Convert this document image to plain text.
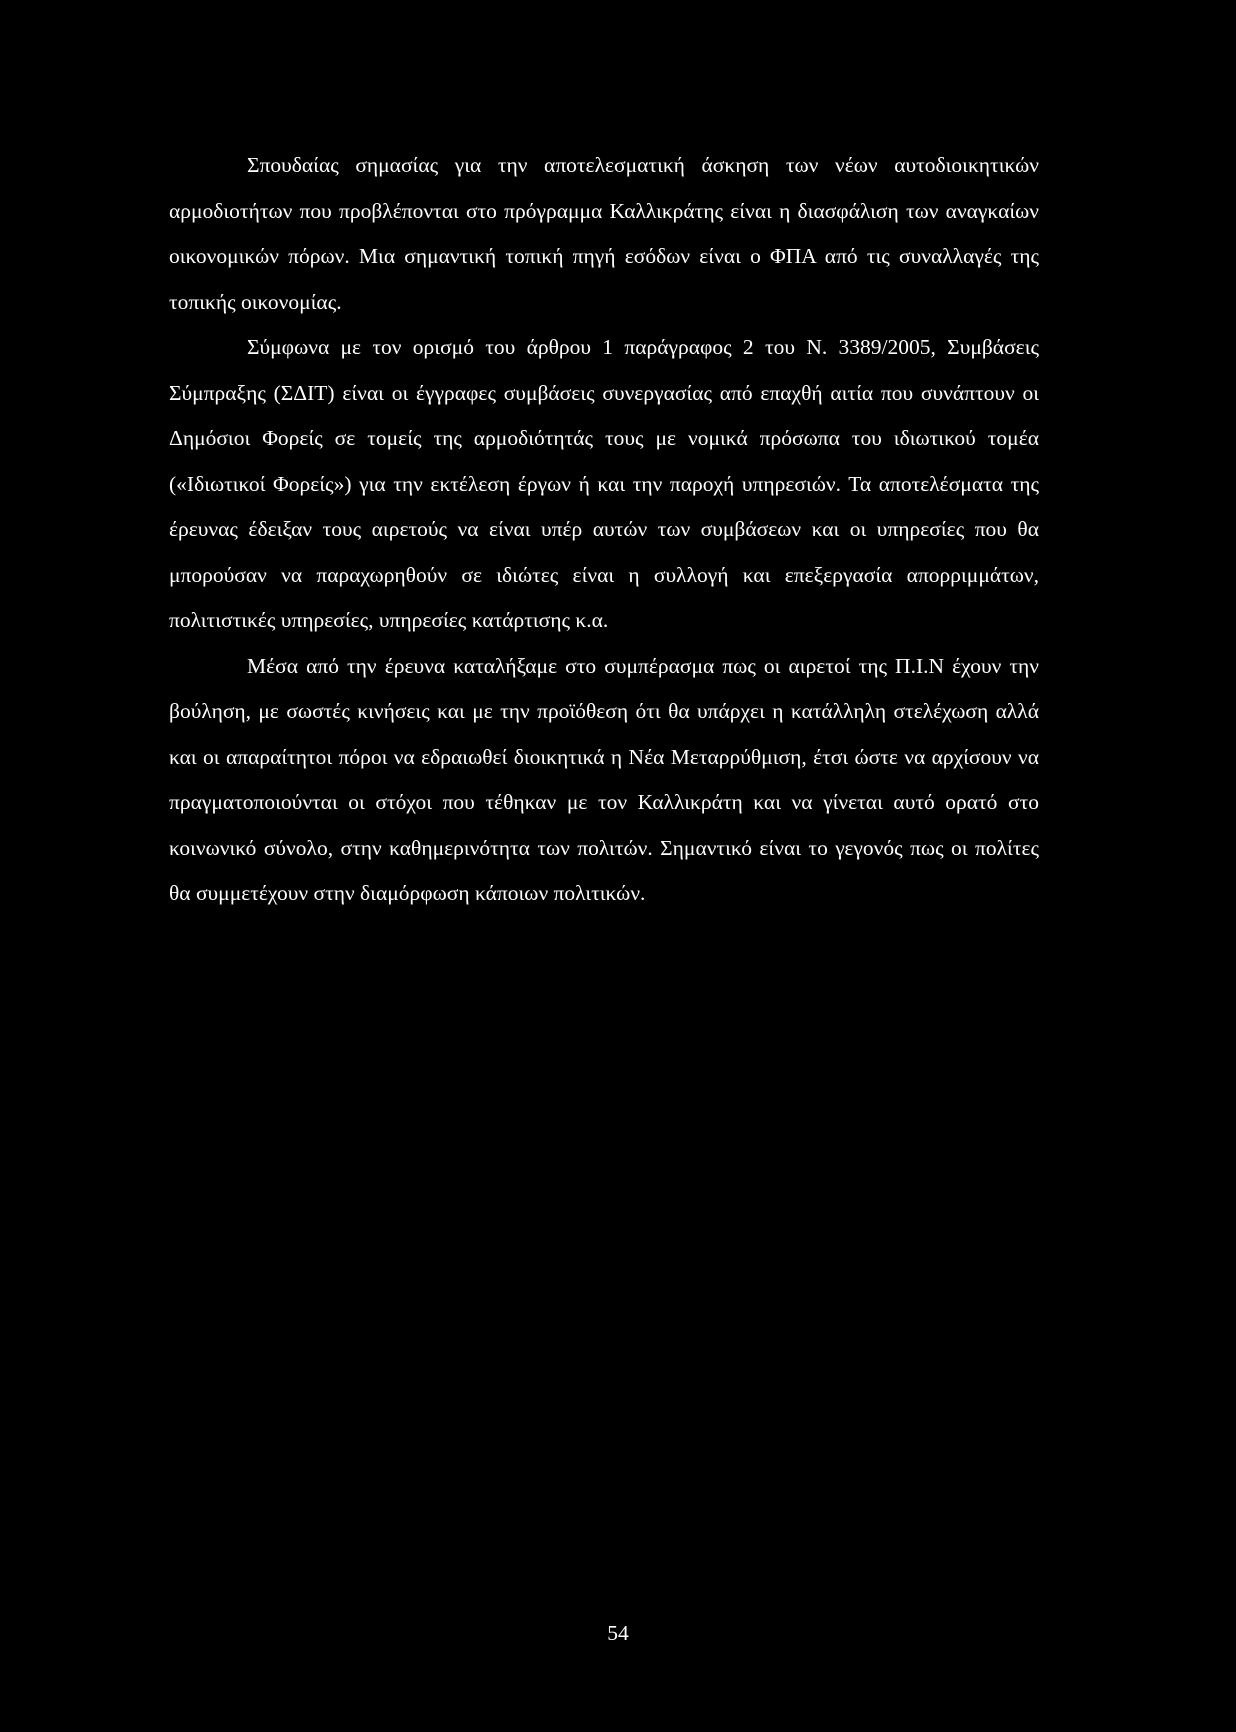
Σπουδαίας σημασίας για την αποτελεσματική άσκηση των νέων αυτοδιοικητικών αρμοδιοτήτων που προβλέπονται στο πρόγραμμα Καλλικράτης είναι η διασφάλιση των αναγκαίων οικονομικών πόρων. Μια σημαντική τοπική πηγή εσόδων είναι ο ΦΠΑ από τις συναλλαγές της τοπικής οικονομίας.

Σύμφωνα με τον ορισμό του άρθρου 1 παράγραφος 2 του Ν. 3389/2005, Συμβάσεις Σύμπραξης (ΣΔΙΤ) είναι οι έγγραφες συμβάσεις συνεργασίας από επαχθή αιτία που συνάπτουν οι Δημόσιοι Φορείς σε τομείς της αρμοδιότητάς τους με νομικά πρόσωπα του ιδιωτικού τομέα («Ιδιωτικοί Φορείς») για την εκτέλεση έργων ή και την παροχή υπηρεσιών. Τα αποτελέσματα της έρευνας έδειξαν τους αιρετούς να είναι υπέρ αυτών των συμβάσεων και οι υπηρεσίες που θα μπορούσαν να παραχωρηθούν σε ιδιώτες είναι η συλλογή και επεξεργασία απορριμμάτων, πολιτιστικές υπηρεσίες, υπηρεσίες κατάρτισης κ.α.

Μέσα από την έρευνα καταλήξαμε στο συμπέρασμα πως οι αιρετοί της Π.Ι.Ν έχουν την βούληση, με σωστές κινήσεις και με την προϊόθεση ότι θα υπάρχει η κατάλληλη στελέχωση αλλά και οι απαραίτητοι πόροι να εδραιωθεί διοικητικά η Νέα Μεταρρύθμιση, έτσι ώστε να αρχίσουν να πραγματοποιούνται οι στόχοι που τέθηκαν με τον Καλλικράτη και να γίνεται αυτό ορατό στο κοινωνικό σύνολο, στην καθημερινότητα των πολιτών. Σημαντικό είναι το γεγονός πως οι πολίτες θα συμμετέχουν στην διαμόρφωση κάποιων πολιτικών.

54
